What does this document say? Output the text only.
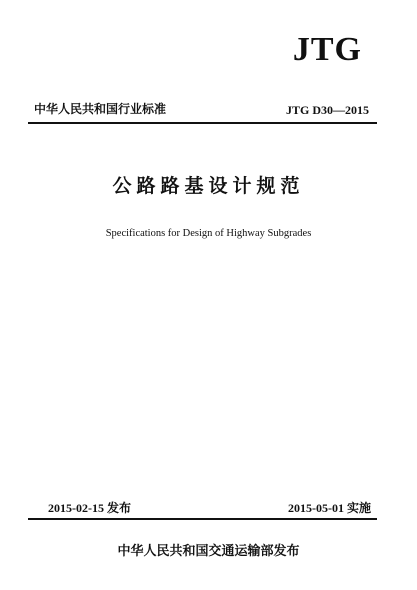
JTG
中华人民共和国行业标准	JTG D30—2015
公路路基设计规范
Specifications for Design of Highway Subgrades
2015-02-15 发布	2015-05-01 实施
中华人民共和国交通运输部发布
